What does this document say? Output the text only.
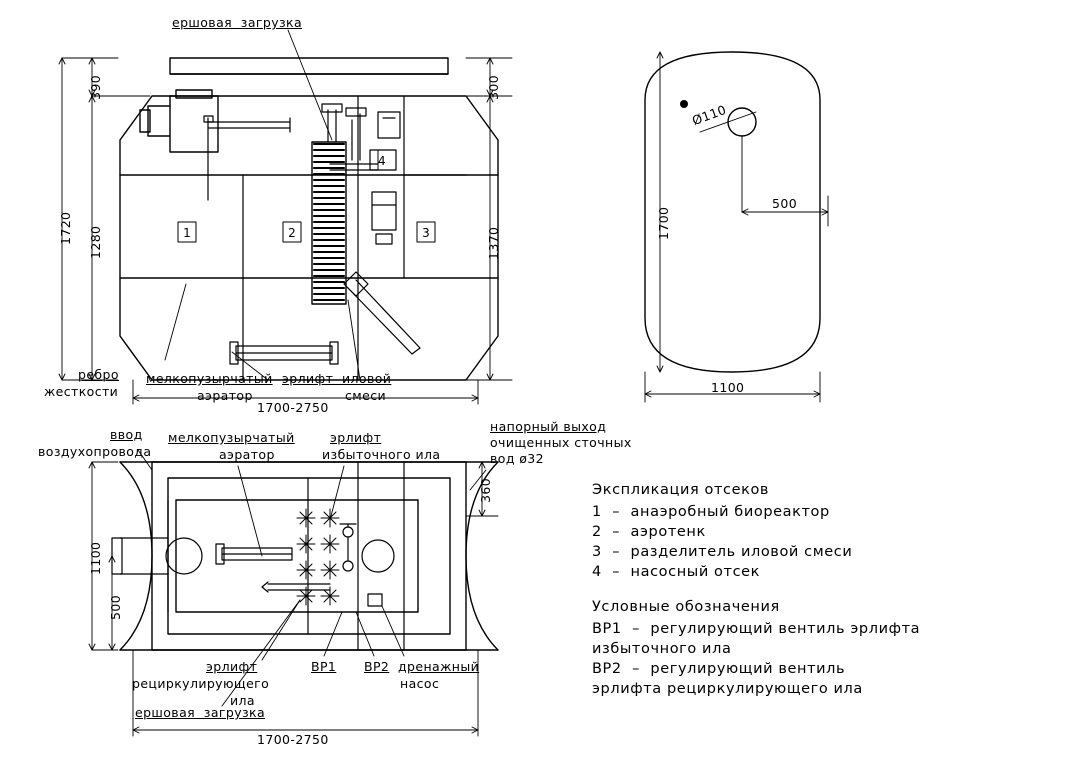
ершовая  загрузка
1720 1280
390	300
1370
1700-2750
1	2	3
4
ребро
жесткости
мелкопузырчатый
аэратор
эрлифт  иловой
смеси
1700
500
1100
Ø110
ввод
воздухопровода
мелкопузырчатый
аэратор
эрлифт
избыточного ила
напорный выход
очищенных сточных
вод ø32
1100
500
360
1700-2750
эрлифт
рециркулирующего
ила
ершовая  загрузка
ВР1 ВР2 дренажный
насос
Экспликация отсеков
1  –  анаэробный биореактор
2  –  аэротенк
3  –  разделитель иловой смеси
4  –  насосный отсек
Условные обозначения
ВР1  –  регулирующий вентиль эрлифта
избыточного ила
ВР2  –  регулирующий вентиль
эрлифта рециркулирующего ила
